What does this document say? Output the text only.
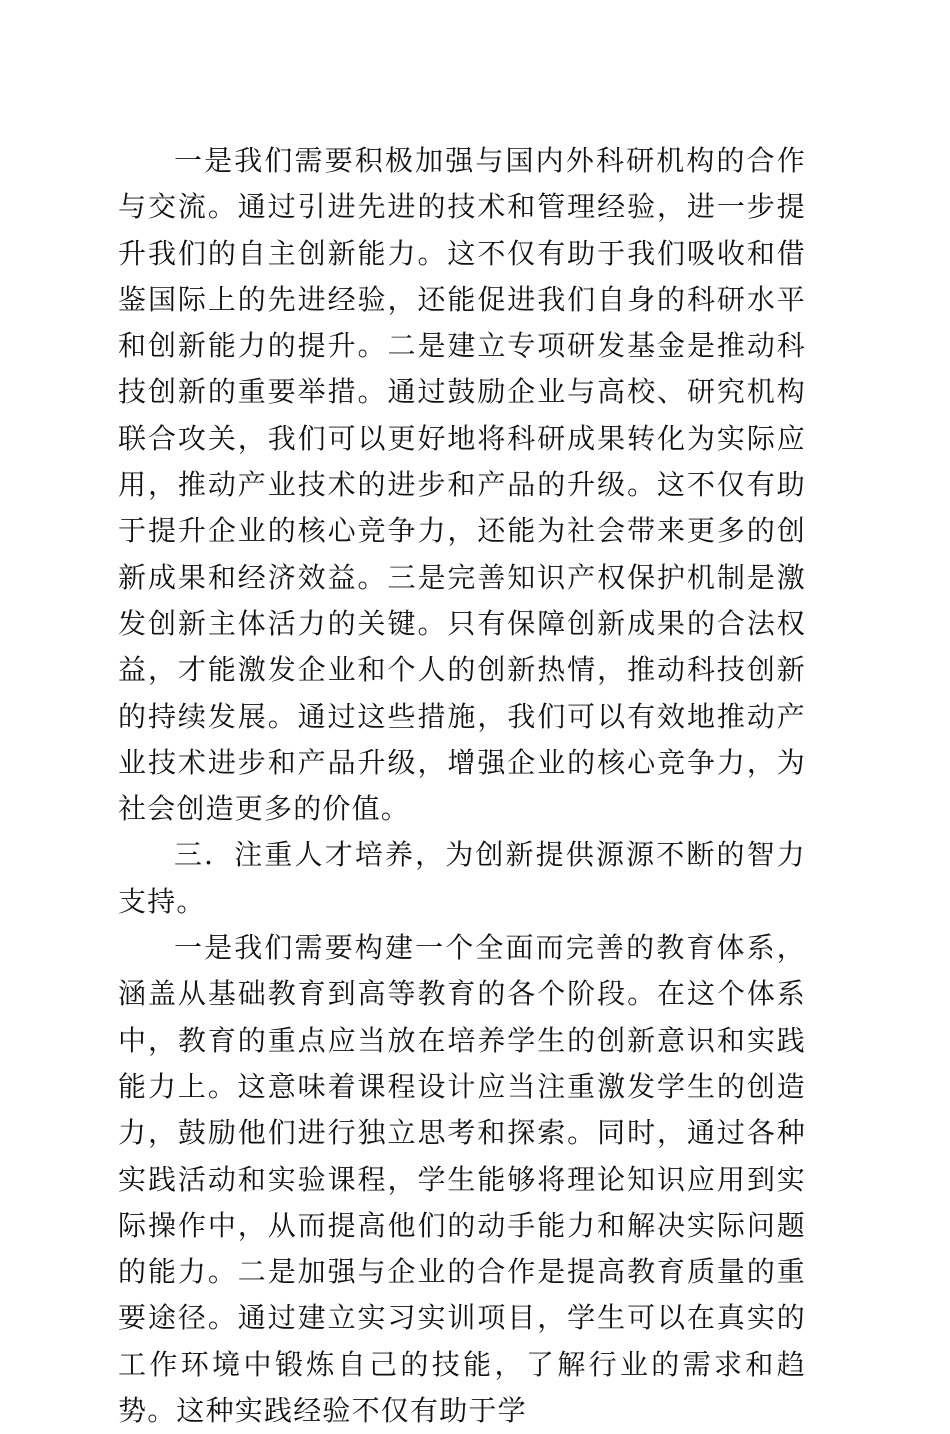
一是我们需要积极加强与国内外科研机构的合作与交流。通过引进先进的技术和管理经验，进一步提升我们的自主创新能力。这不仅有助于我们吸收和借鉴国际上的先进经验，还能促进我们自身的科研水平和创新能力的提升。二是建立专项研发基金是推动科技创新的重要举措。通过鼓励企业与高校、研究机构联合攻关，我们可以更好地将科研成果转化为实际应用，推动产业技术的进步和产品的升级。这不仅有助于提升企业的核心竞争力，还能为社会带来更多的创新成果和经济效益。三是完善知识产权保护机制是激发创新主体活力的关键。只有保障创新成果的合法权益，才能激发企业和个人的创新热情，推动科技创新的持续发展。通过这些措施，我们可以有效地推动产业技术进步和产品升级，增强企业的核心竞争力，为社会创造更多的价值。

三．注重人才培养，为创新提供源源不断的智力支持。

一是我们需要构建一个全面而完善的教育体系，涵盖从基础教育到高等教育的各个阶段。在这个体系中，教育的重点应当放在培养学生的创新意识和实践能力上。这意味着课程设计应当注重激发学生的创造力，鼓励他们进行独立思考和探索。同时，通过各种实践活动和实验课程，学生能够将理论知识应用到实际操作中，从而提高他们的动手能力和解决实际问题的能力。二是加强与企业的合作是提高教育质量的重要途径。通过建立实习实训项目，学生可以在真实的工作环境中锻炼自己的技能，了解行业的需求和趋势。这种实践经验不仅有助于学
